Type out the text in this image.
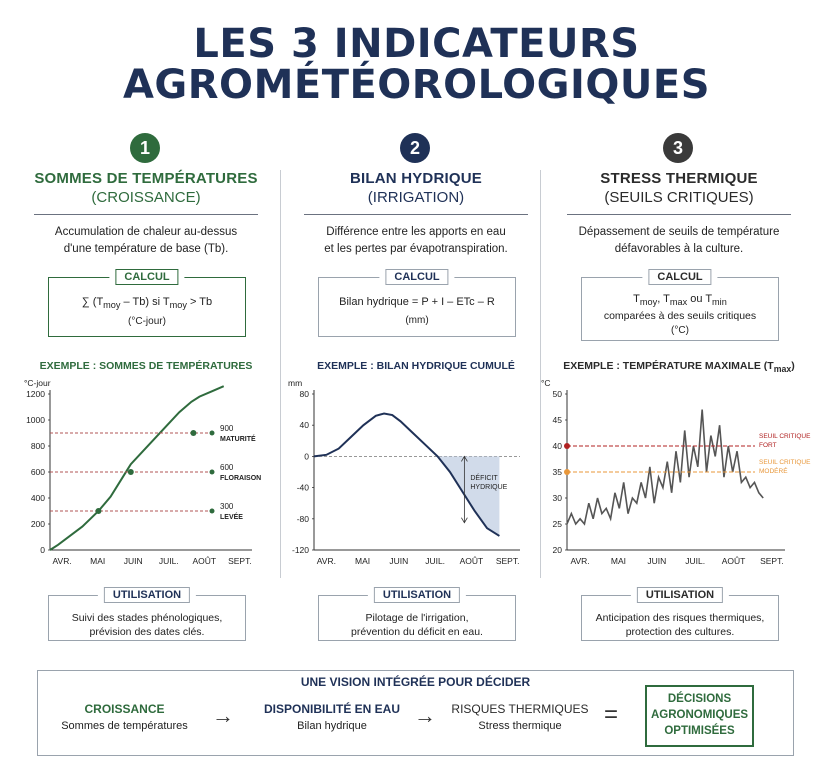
LES 3 INDICATEURS
AGROMÉTÉOROLOGIQUES
1
SOMMES DE TEMPÉRATURES
(CROISSANCE)
Accumulation de chaleur au-dessus
d'une température de base (Tb).
CALCUL
∑ $(T_{moy} - Tb)$ si $T_{moy} > Tb$
(°C-jour)
EXEMPLE : SOMMES DE TEMPÉRATURES
°C-jour
0
200
400
600
800
1000
1200
AVR. MAI JUIN JUIL. AOÛT SEPT.
900
MATURITÉ
600
FLORAISON
300
LEVÉE
UTILISATION
Suivi des stades phénologiques,
prévision des dates clés.
2
BILAN HYDRIQUE
(IRRIGATION)
Différence entre les apports en eau
et les pertes par évapotranspiration.
CALCUL
Bilan hydrique = P + I – ETc – R
(mm)
EXEMPLE : BILAN HYDRIQUE CUMULÉ
mm
-120
-80
-40
0
40
80
AVR. MAI JUIN JUIL. AOÛT SEPT.
DÉFICIT
HYDRIQUE
UTILISATION
Pilotage de l'irrigation,
prévention du déficit en eau.
3
STRESS THERMIQUE
(SEUILS CRITIQUES)
Dépassement de seuils de température
défavorables à la culture.
CALCUL
$T_{moy}$, $T_{max}$ ou $T_{min}$
comparées à des seuils critiques
(°C)
EXEMPLE : TEMPÉRATURE MAXIMALE $(T_{max})$
°C
20
25
30
35
40
45
50
AVR. MAI	JUIN JUIL. AOÛT SEPT.
SEUIL CRITIQUE
FORT
SEUIL CRITIQUE
MODÉRÉ
UTILISATION
Anticipation des risques thermiques,
protection des cultures.
UNE VISION INTÉGRÉE POUR DÉCIDER
CROISSANCE
Sommes de températures	→	DISPONIBILITÉ EN EAU
Bilan hydrique	→ RISQUES THERMIQUES
Stress thermique	=
DÉCISIONS
AGRONOMIQUES
OPTIMISÉES
